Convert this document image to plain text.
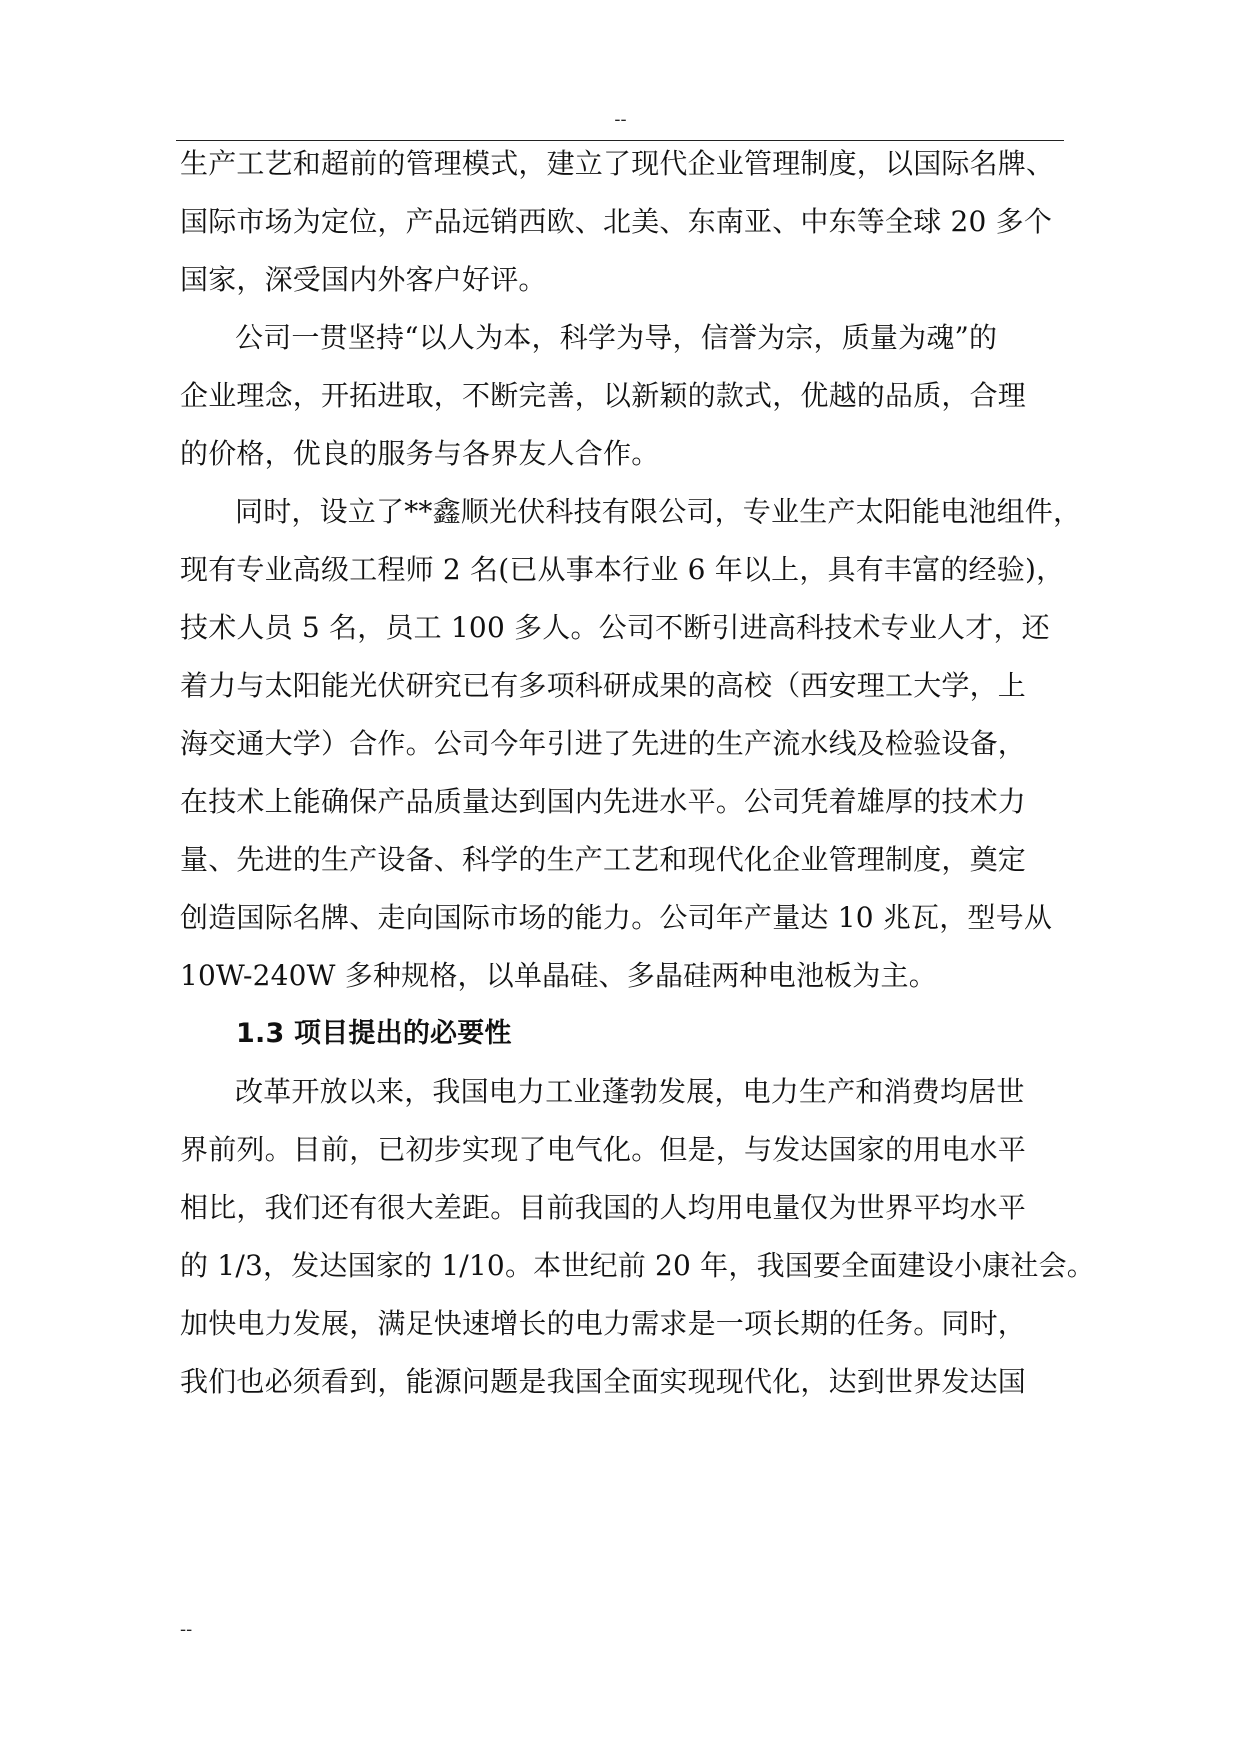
--
生产工艺和超前的管理模式，建立了现代企业管理制度，以国际名牌、
国际市场为定位，产品远销西欧、北美、东南亚、中东等全球 20 多个
国家，深受国内外客户好评。
公司一贯坚持“以人为本，科学为导，信誉为宗，质量为魂”的
企业理念，开拓进取，不断完善，以新颖的款式，优越的品质，合理
的价格，优良的服务与各界友人合作。
同时，设立了**鑫顺光伏科技有限公司，专业生产太阳能电池组件，
现有专业高级工程师 2 名(已从事本行业 6 年以上，具有丰富的经验)，
技术人员 5 名，员工 100 多人。公司不断引进高科技术专业人才，还
着力与太阳能光伏研究已有多项科研成果的高校（西安理工大学，上
海交通大学）合作。公司今年引进了先进的生产流水线及检验设备，
在技术上能确保产品质量达到国内先进水平。公司凭着雄厚的技术力
量、先进的生产设备、科学的生产工艺和现代化企业管理制度，奠定
创造国际名牌、走向国际市场的能力。公司年产量达 10 兆瓦，型号从
10W-240W 多种规格，以单晶硅、多晶硅两种电池板为主。
1.3 项目提出的必要性
改革开放以来，我国电力工业蓬勃发展，电力生产和消费均居世
界前列。目前，已初步实现了电气化。但是，与发达国家的用电水平
相比，我们还有很大差距。目前我国的人均用电量仅为世界平均水平
的 1/3，发达国家的 1/10。本世纪前 20 年，我国要全面建设小康社会。
加快电力发展，满足快速增长的电力需求是一项长期的任务。同时，
我们也必须看到，能源问题是我国全面实现现代化，达到世界发达国
--
